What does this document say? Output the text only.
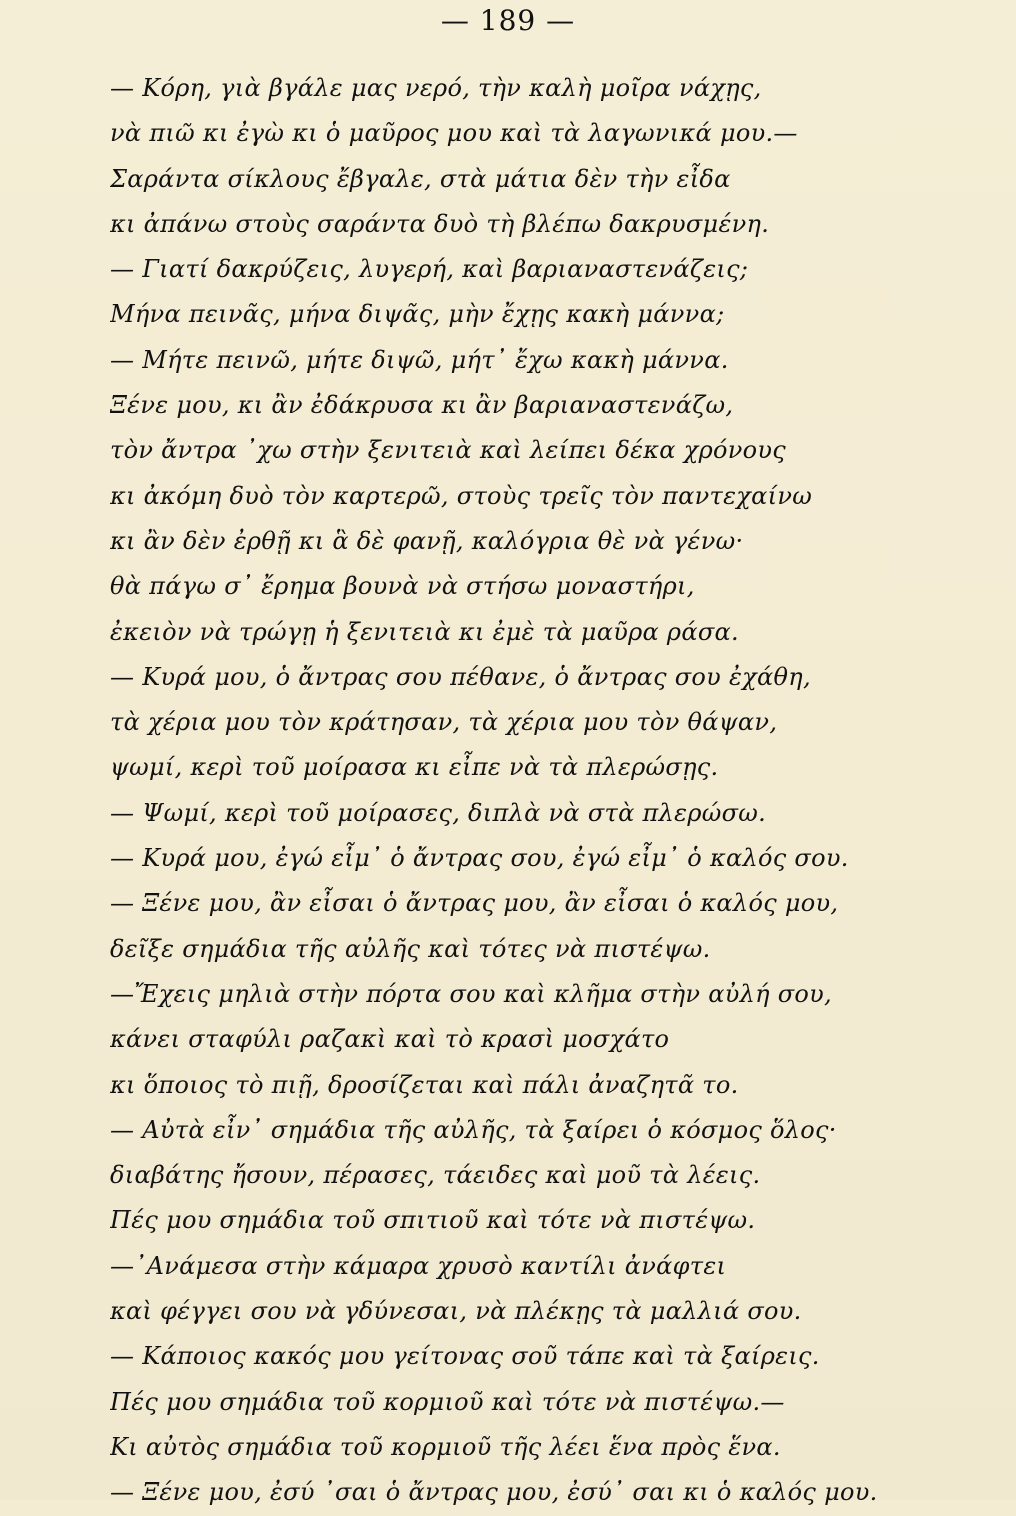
— 189 —
— Κόρη, γιὰ βγάλε μας νερό, τὴν καλὴ μοῖρα νάχῃς,
νὰ πιῶ κι ἐγὼ κι ὁ μαῦρος μου καὶ τὰ λαγωνικά μου.—
Σαράντα σίκλους ἔβγαλε, στὰ μάτια δὲν τὴν εἶδα
κι ἀπάνω στοὺς σαράντα δυὸ τὴ βλέπω δακρυσμένη.
— Γιατί δακρύζεις, λυγερή, καὶ βαριαναστενάζεις;
Μήνα πεινᾶς, μήνα διψᾶς, μὴν ἔχῃς κακὴ μάννα;
— Μήτε πεινῶ, μήτε διψῶ, μήτ᾽ ἔχω κακὴ μάννα.
Ξένε μου, κι ἂν ἐδάκρυσα κι ἂν βαριαναστενάζω,
τὸν ἄντρα ᾽χω στὴν ξενιτειὰ καὶ λείπει δέκα χρόνους
κι ἀκόμη δυὸ τὸν καρτερῶ, στοὺς τρεῖς τὸν παντεχαίνω
κι ἂν δὲν ἐρθῇ κι ἃ δὲ φανῇ, καλόγρια θὲ νὰ γένω·
θὰ πάγω σ᾽ ἔρημα βουνὰ νὰ στήσω μοναστήρι,
ἐκειὸν νὰ τρώγῃ ἡ ξενιτειὰ κι ἐμὲ τὰ μαῦρα ράσα.
— Κυρά μου, ὁ ἄντρας σου πέθανε, ὁ ἄντρας σου ἐχάθη,
τὰ χέρια μου τὸν κράτησαν, τὰ χέρια μου τὸν θάψαν,
ψωμί, κερὶ τοῦ μοίρασα κι εἶπε νὰ τὰ πλερώσῃς.
— Ψωμί, κερὶ τοῦ μοίρασες, διπλὰ νὰ στὰ πλερώσω.
— Κυρά μου, ἐγώ εἶμ᾽ ὁ ἄντρας σου, ἐγώ εἶμ᾽ ὁ καλός σου.
— Ξένε μου, ἂν εἶσαι ὁ ἄντρας μου, ἂν εἶσαι ὁ καλός μου,
δεῖξε σημάδια τῆς αὐλῆς καὶ τότες νὰ πιστέψω.
—Ἔχεις μηλιὰ στὴν πόρτα σου καὶ κλῆμα στὴν αὐλή σου,
κάνει σταφύλι ραζακὶ καὶ τὸ κρασὶ μοσχάτο
κι ὅποιος τὸ πιῇ, δροσίζεται καὶ πάλι ἀναζητᾶ το.
— Αὐτὰ εἶν᾽ σημάδια τῆς αὐλῆς, τὰ ξαίρει ὁ κόσμος ὅλος·
διαβάτης ἤσουν, πέρασες, τάειδες καὶ μοῦ τὰ λέεις.
Πές μου σημάδια τοῦ σπιτιοῦ καὶ τότε νὰ πιστέψω.
—᾽Ανάμεσα στὴν κάμαρα χρυσὸ καντίλι ἀνάφτει
καὶ φέγγει σου νὰ γδύνεσαι, νὰ πλέκῃς τὰ μαλλιά σου.
— Κάποιος κακός μου γείτονας σοῦ τάπε καὶ τὰ ξαίρεις.
Πές μου σημάδια τοῦ κορμιοῦ καὶ τότε νὰ πιστέψω.—
Κι αὐτὸς σημάδια τοῦ κορμιοῦ τῆς λέει ἕνα πρὸς ἕνα.
— Ξένε μου, ἐσύ ᾽σαι ὁ ἄντρας μου, ἐσύ᾽ σαι κι ὁ καλός μου.
